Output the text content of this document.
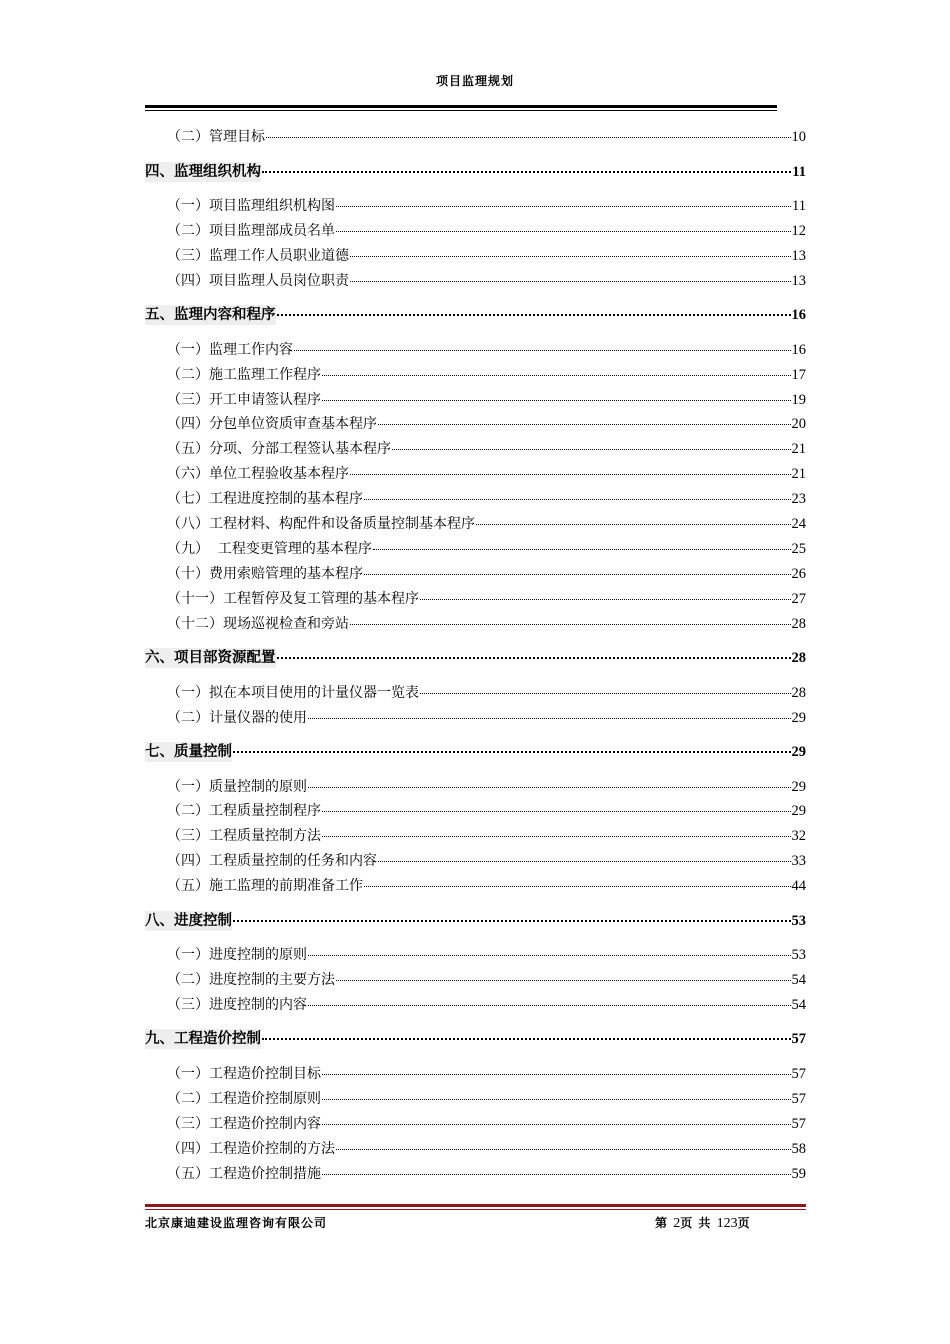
项目监理规划
（二）管理目标	10
四、监理组织机构	11
（一）项目监理组织机构图	11
（二）项目监理部成员名单	12
（三）监理工作人员职业道德	13
（四）项目监理人员岗位职责	13
五、监理内容和程序	16
（一）监理工作内容	16
（二）施工监理工作程序	17
（三）开工申请签认程序	19
（四）分包单位资质审查基本程序	20
（五）分项、分部工程签认基本程序	21
（六）单位工程验收基本程序	21
（七）工程进度控制的基本程序	23
（八）工程材料、构配件和设备质量控制基本程序	24
（九）  工程变更管理的基本程序	25
（十）费用索赔管理的基本程序	26
（十一）工程暂停及复工管理的基本程序	27
（十二）现场巡视检查和旁站	28
六、项目部资源配置	28
（一）拟在本项目使用的计量仪器一览表	28
（二）计量仪器的使用	29
七、质量控制	29
（一）质量控制的原则	29
（二）工程质量控制程序	29
（三）工程质量控制方法	32
（四）工程质量控制的任务和内容	33
（五）施工监理的前期准备工作	44
八、进度控制	53
（一）进度控制的原则	53
（二）进度控制的主要方法	54
（三）进度控制的内容	54
九、工程造价控制	57
（一）工程造价控制目标	57
（二）工程造价控制原则	57
（三）工程造价控制内容	57
（四）工程造价控制的方法	58
（五）工程造价控制措施	59
北京康迪建设监理咨询有限公司	第 2页 共 123页
